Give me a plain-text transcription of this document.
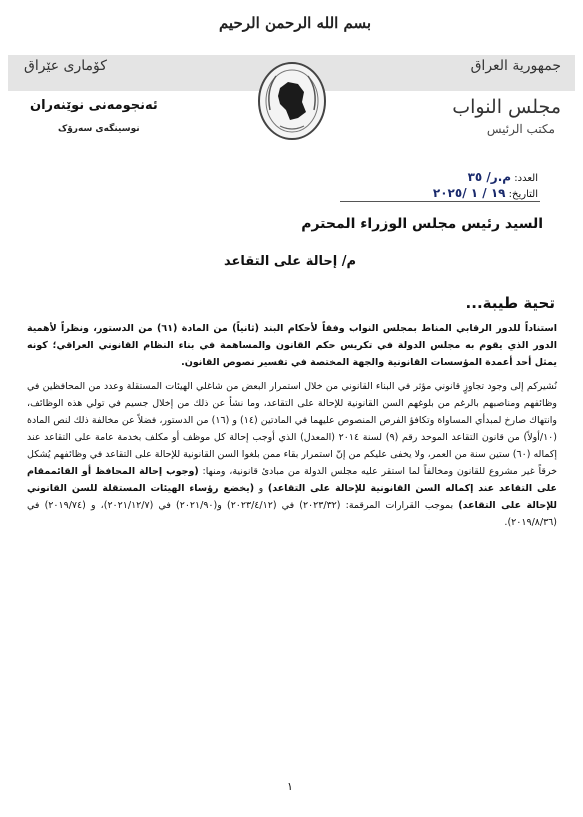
بسم الله الرحمن الرحيم
كۆمارى عێراق	جمهورية العراق
ئەنجومەنی نوێنەران
نوسینگەی سەرۆک
مجلس النواب
مكتب الرئيس
العدد: م.ر/ ٣٥
التاريخ: ١٩ / ١ /٢٠٢٥
السيد رئيس مجلس الوزراء المحترم
م/ إحالة على التقاعد
تحية طيبة...
استناداً للدور الرقابي المناط بمجلس النواب وفقاً لأحكام البند (ثانياً) من المادة (٦١) من الدستور، ونظراً لأهمية الدور الذي يقوم به مجلس الدولة في تكريس حكم القانون والمساهمة في بناء النظام القانوني العراقي؛ كونه يمثل أحد أعمدة المؤسسات القانونية والجهة المختصة في تفسير نصوص القانون.
نُشيركم إلى وجود تجاوزٍ قانوني مؤثر في البناء القانوني من خلال استمرار البعض من شاغلي الهيئات المستقلة وعدد من المحافظين في وظائفهم ومناصبهم بالرغم من بلوغهم السن القانونية للإحالة على التقاعد، وما نشأ عن ذلك من إخلال جسيم في تولي هذه الوظائف، وانتهاك صارخ لمبدأي المساواة وتكافؤ الفرص المنصوص عليهما في المادتين (١٤) و (١٦) من الدستور، فضلاً عن مخالفة ذلك لنص المادة (١٠/أولاً) من قانون التقاعد الموحد رقم (٩) لسنة ٢٠١٤ (المعدل) الذي أوجب إحالة كل موظف أو مكلف بخدمة عامة على التقاعد عند إكماله (٦٠) ستين سنة من العمر، ولا يخفى عليكم من إنّ استمرار بقاء ممن بلغوا السن القانونية للإحالة على التقاعد في وظائفهم يُشكل خرقاً غير مشروع للقانون ومخالفاً لما استقر عليه مجلس الدولة من مبادئ قانونية، ومنها: (وجوب إحالة المحافظ أو القائممقام على التقاعد عند إكماله السن القانونية للإحالة على التقاعد) و (يخضع رؤساء الهيئات المستقلة للسن القانوني للإحالة على التقاعد) بموجب القرارات المرقمة: (٢٠٢٣/٣٢) في (٢٠٢٣/٤/١٢) و(٢٠٢١/٩٠) في (٢٠٢١/١٢/٧)، و (٢٠١٩/٧٤) في (٢٠١٩/٨/٣٦).
١
